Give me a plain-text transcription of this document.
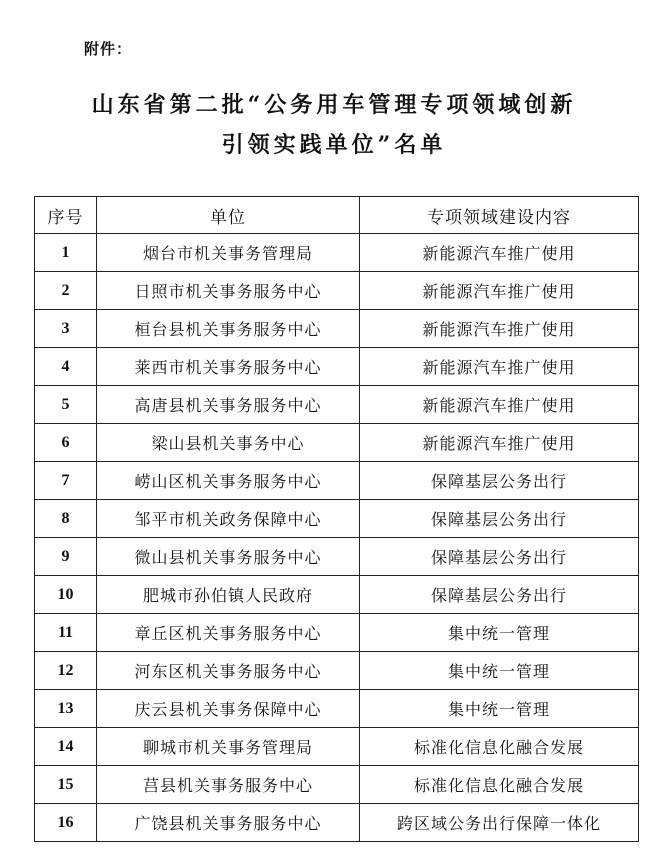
附件：
山东省第二批“公务用车管理专项领域创新
引领实践单位”名单
序号	单位	专项领域建设内容
1	烟台市机关事务管理局	新能源汽车推广使用
2	日照市机关事务服务中心	新能源汽车推广使用
3	桓台县机关事务服务中心	新能源汽车推广使用
4	莱西市机关事务服务中心	新能源汽车推广使用
5	高唐县机关事务服务中心	新能源汽车推广使用
6	梁山县机关事务中心	新能源汽车推广使用
7	崂山区机关事务服务中心	保障基层公务出行
8	邹平市机关政务保障中心	保障基层公务出行
9	微山县机关事务服务中心	保障基层公务出行
10	肥城市孙伯镇人民政府	保障基层公务出行
11	章丘区机关事务服务中心	集中统一管理
12	河东区机关事务服务中心	集中统一管理
13	庆云县机关事务保障中心	集中统一管理
14	聊城市机关事务管理局	标准化信息化融合发展
15	莒县机关事务服务中心	标准化信息化融合发展
16	广饶县机关事务服务中心	跨区域公务出行保障一体化
